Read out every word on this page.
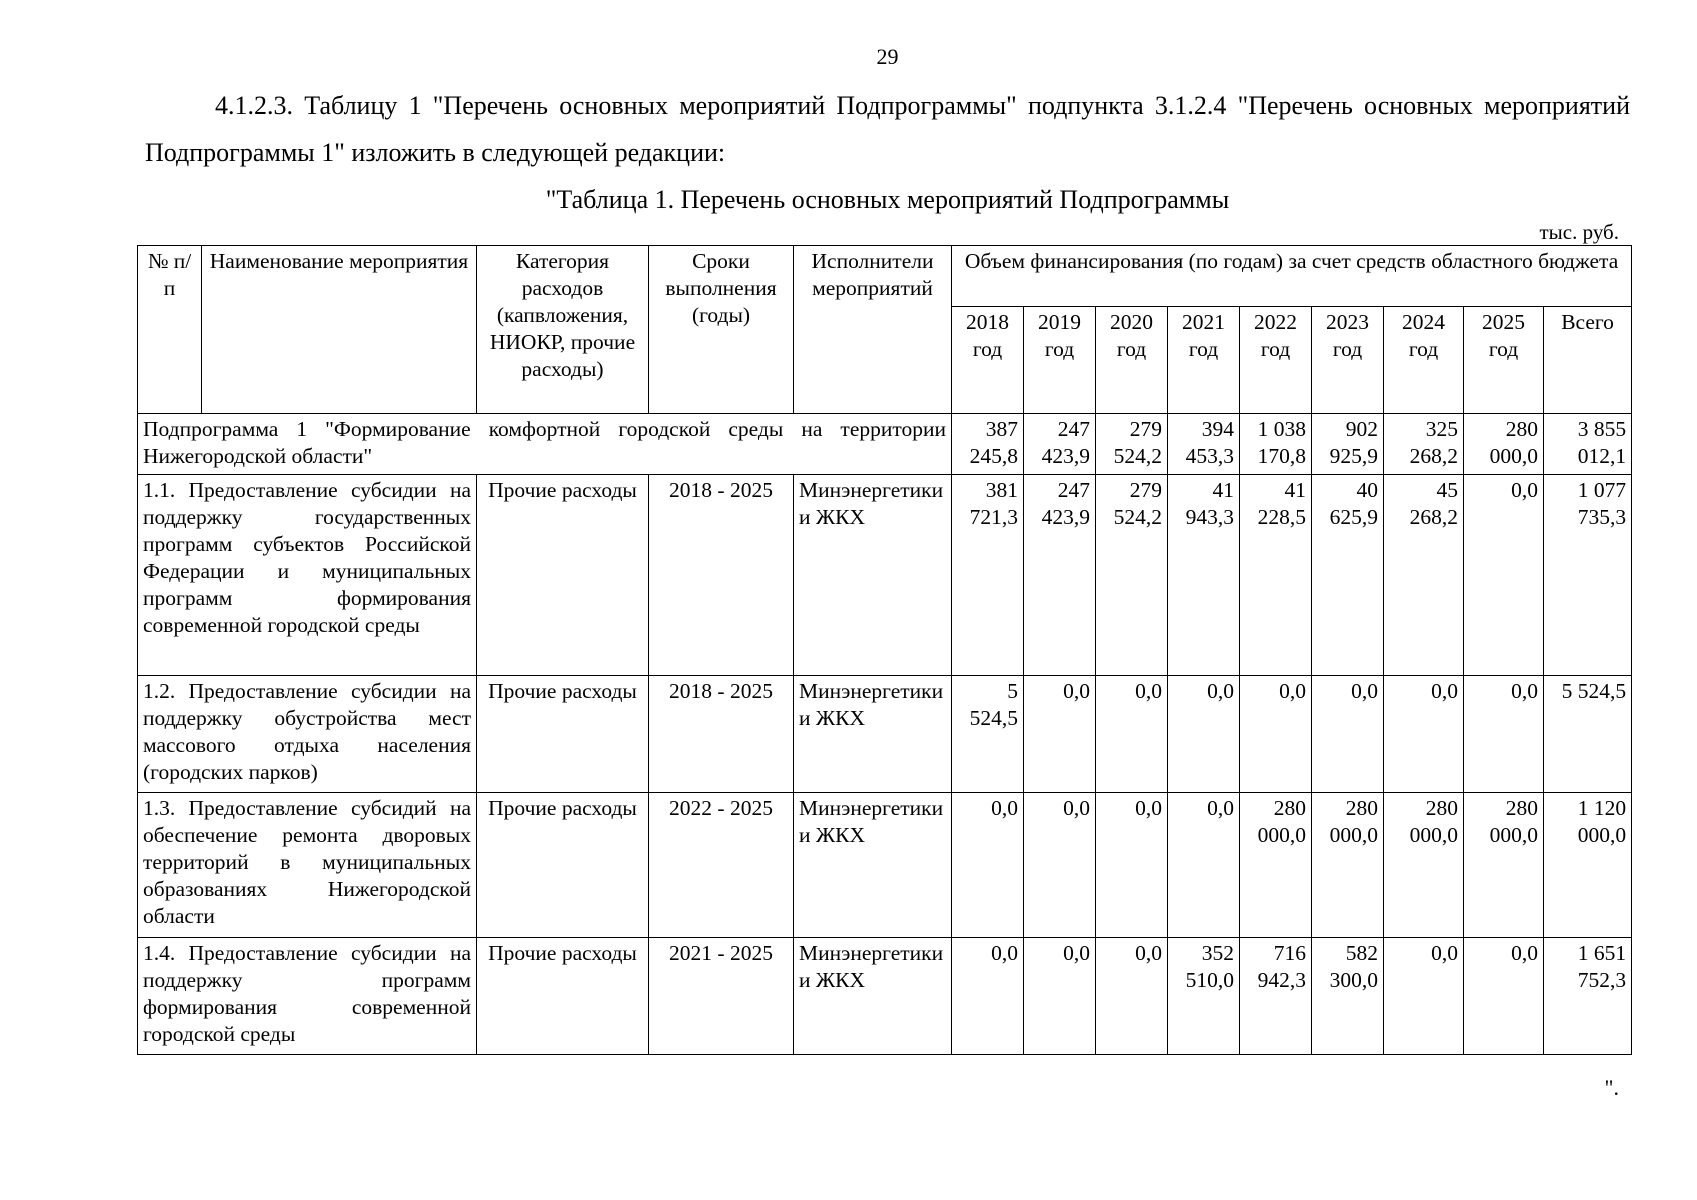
29

4.1.2.3. Таблицу 1 "Перечень основных мероприятий Подпрограммы" подпункта 3.1.2.4 "Перечень основных мероприятий Подпрограммы 1" изложить в следующей редакции:

"Таблица 1. Перечень основных мероприятий Подпрограммы
тыс. руб.
№ п/п	Наименование мероприятия	Категория расходов (капвложения, НИОКР, прочие расходы)	Сроки выполнения (годы)	Исполнители мероприятий	Объем финансирования (по годам) за счет средств областного бюджета								
					2018 год	2019 год	2020 год	2021 год	2022 год	2023 год	2024 год	2025 год	Всего
Подпрограмма 1 "Формирование комфортной городской среды на территории Нижегородской области"					387 245,8	247 423,9	279 524,2	394 453,3	1 038 170,8	902 925,9	325 268,2	280 000,0	3 855 012,1
1.1. Предоставление субсидии на поддержку государственных программ субъектов Российской Федерации и муниципальных программ формирования современной городской среды		Прочие расходы	2018 - 2025	Минэнергетики и ЖКХ	381 721,3	247 423,9	279 524,2	41 943,3	41 228,5	40 625,9	45 268,2	0,0	1 077 735,3
1.2. Предоставление субсидии на поддержку обустройства мест массового отдыха населения (городских парков)		Прочие расходы	2018 - 2025	Минэнергетики и ЖКХ	5 524,5	0,0	0,0	0,0	0,0	0,0	0,0	0,0	5 524,5
1.3. Предоставление субсидий на обеспечение ремонта дворовых территорий в муниципальных образованиях Нижегородской области		Прочие расходы	2022 - 2025	Минэнергетики и ЖКХ	0,0	0,0	0,0	0,0	280 000,0	280 000,0	280 000,0	280 000,0	1 120 000,0
1.4. Предоставление субсидии на поддержку программ формирования современной городской среды		Прочие расходы	2021 - 2025	Минэнергетики и ЖКХ	0,0	0,0	0,0	352 510,0	716 942,3	582 300,0	0,0	0,0	1 651 752,3
".
